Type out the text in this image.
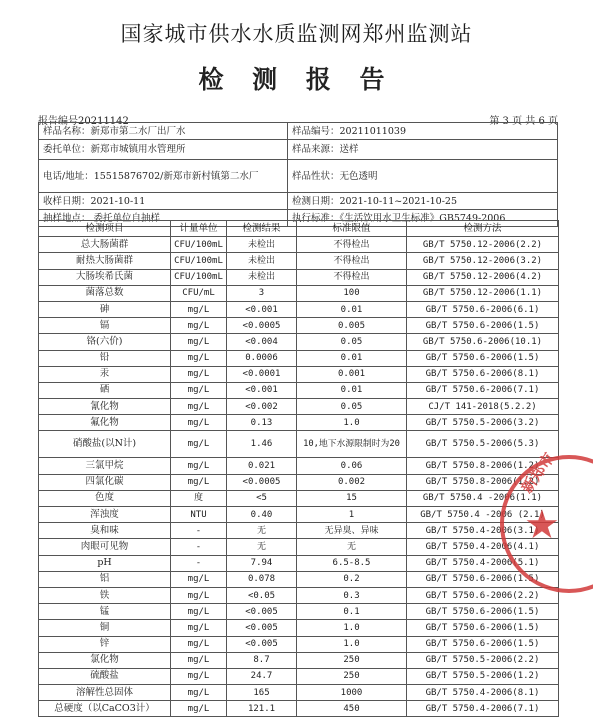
国家城市供水水质监测网郑州监测站
检 测 报 告
报告编号20211142	第 3 页 共 6 页
样品名称：新郑市第二水厂出厂水	样品编号：20211011039
委托单位：新郑市城镇用水管理所	样品来源：送样
电话/地址：15515876702/新郑市新村镇第二水厂	样品性状：无色透明
收样日期：2021-10-11	检测日期：2021-10-11~2021-10-25
抽样地点： 委托单位自抽样	执行标准：《生活饮用水卫生标准》GB5749-2006
检测项目	计量单位	检测结果	标准限值	检测方法
总大肠菌群	CFU/100mL	未检出	不得检出	GB/T 5750.12-2006(2.2)
耐热大肠菌群	CFU/100mL	未检出	不得检出	GB/T 5750.12-2006(3.2)
大肠埃希氏菌	CFU/100mL	未检出	不得检出	GB/T 5750.12-2006(4.2)
菌落总数	CFU/mL	3	100	GB/T 5750.12-2006(1.1)
砷	mg/L	<0.001	0.01	GB/T 5750.6-2006(6.1)
镉	mg/L	<0.0005	0.005	GB/T 5750.6-2006(1.5)
铬(六价)	mg/L	<0.004	0.05	GB/T 5750.6-2006(10.1)
铅	mg/L	0.0006	0.01	GB/T 5750.6-2006(1.5)
汞	mg/L	<0.0001	0.001	GB/T 5750.6-2006(8.1)
硒	mg/L	<0.001	0.01	GB/T 5750.6-2006(7.1)
氰化物	mg/L	<0.002	0.05	CJ/T 141-2018(5.2.2)
氟化物	mg/L	0.13	1.0	GB/T 5750.5-2006(3.2)
硝酸盐(以N计)	mg/L	1.46	10,地下水源限制时为20	GB/T 5750.5-2006(5.3)
三氯甲烷	mg/L	0.021	0.06	GB/T 5750.8-2006(1.2)
四氯化碳	mg/L	<0.0005	0.002	GB/T 5750.8-2006(1.2)
色度	度	<5	15	GB/T 5750.4 -2006(1.1)
浑浊度	NTU	0.40	1	GB/T 5750.4 -2006 (2.1)
臭和味	-	无	无异臭、异味	GB/T 5750.4-2006(3.1)
肉眼可见物	-	无	无	GB/T 5750.4-2006(4.1)
pH	-	7.94	6.5-8.5	GB/T 5750.4-2006(5.1)
铝	mg/L	0.078	0.2	GB/T 5750.6-2006(1.5)
铁	mg/L	<0.05	0.3	GB/T 5750.6-2006(2.2)
锰	mg/L	<0.005	0.1	GB/T 5750.6-2006(1.5)
铜	mg/L	<0.005	1.0	GB/T 5750.6-2006(1.5)
锌	mg/L	<0.005	1.0	GB/T 5750.6-2006(1.5)
氯化物	mg/L	8.7	250	GB/T 5750.5-2006(2.2)
硫酸盐	mg/L	24.7	250	GB/T 5750.5-2006(1.2)
溶解性总固体	mg/L	165	1000	GB/T 5750.4-2006(8.1)
总硬度（以CaCO3计）	mg/L	121.1	450	GB/T 5750.4-2006(7.1)
新郑市
★
